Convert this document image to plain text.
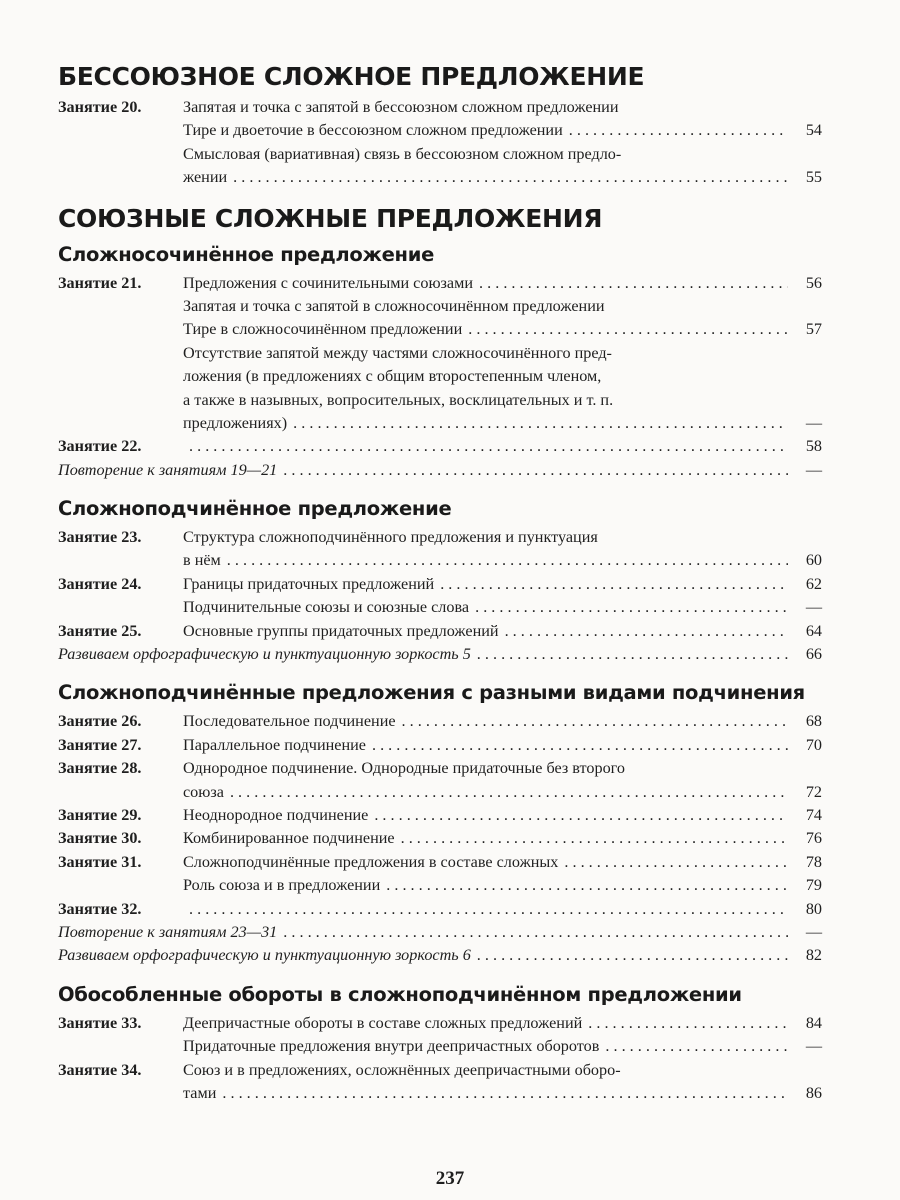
БЕССОЮЗНОЕ СЛОЖНОЕ ПРЕДЛОЖЕНИЕ
Занятие 20.	Запятая и точка с запятой в бессоюзном сложном предложении
Тире и двоеточие в бессоюзном сложном предложении . . .	54
Смысловая (вариативная) связь в бессоюзном сложном предло-
жении . . .	55
СОЮЗНЫЕ СЛОЖНЫЕ ПРЕДЛОЖЕНИЯ
Сложносочинённое предложение
Занятие 21.	Предложения с сочинительными союзами . . .	56
Запятая и точка с запятой в сложносочинённом предложении
Тире в сложносочинённом предложении . . .	57
Отсутствие запятой между частями сложносочинённого пред-
ложения (в предложениях с общим второстепенным членом,
а также в назывных, вопросительных, восклицательных и т. п.
предложениях) . . .	—
Занятие 22. . . .	58
Повторение к занятиям 19—21 . . .	—
Сложноподчинённое предложение
Занятие 23.	Структура сложноподчинённого предложения и пунктуация
в нём . . .	60
Занятие 24.	Границы придаточных предложений . . .	62
Подчинительные союзы и союзные слова . . .	—
Занятие 25.	Основные группы придаточных предложений . . .	64
Развиваем орфографическую и пунктуационную зоркость 5 . . .	66
Сложноподчинённые предложения с разными видами подчинения
Занятие 26.	Последовательное подчинение . . .	68
Занятие 27.	Параллельное подчинение . . .	70
Занятие 28.	Однородное подчинение. Однородные придаточные без второго
союза . . .	72
Занятие 29.	Неоднородное подчинение . . .	74
Занятие 30.	Комбинированное подчинение . . .	76
Занятие 31.	Сложноподчинённые предложения в составе сложных . . .	78
Роль союза и в предложении . . .	79
Занятие 32. . . .	80
Повторение к занятиям 23—31 . . .	—
Развиваем орфографическую и пунктуационную зоркость 6 . . .	82
Обособленные обороты в сложноподчинённом предложении
Занятие 33.	Деепричастные обороты в составе сложных предложений . . .	84
Придаточные предложения внутри деепричастных оборотов . . .	—
Занятие 34.	Союз и в предложениях, осложнённых деепричастными оборо-
тами . . .	86
237
